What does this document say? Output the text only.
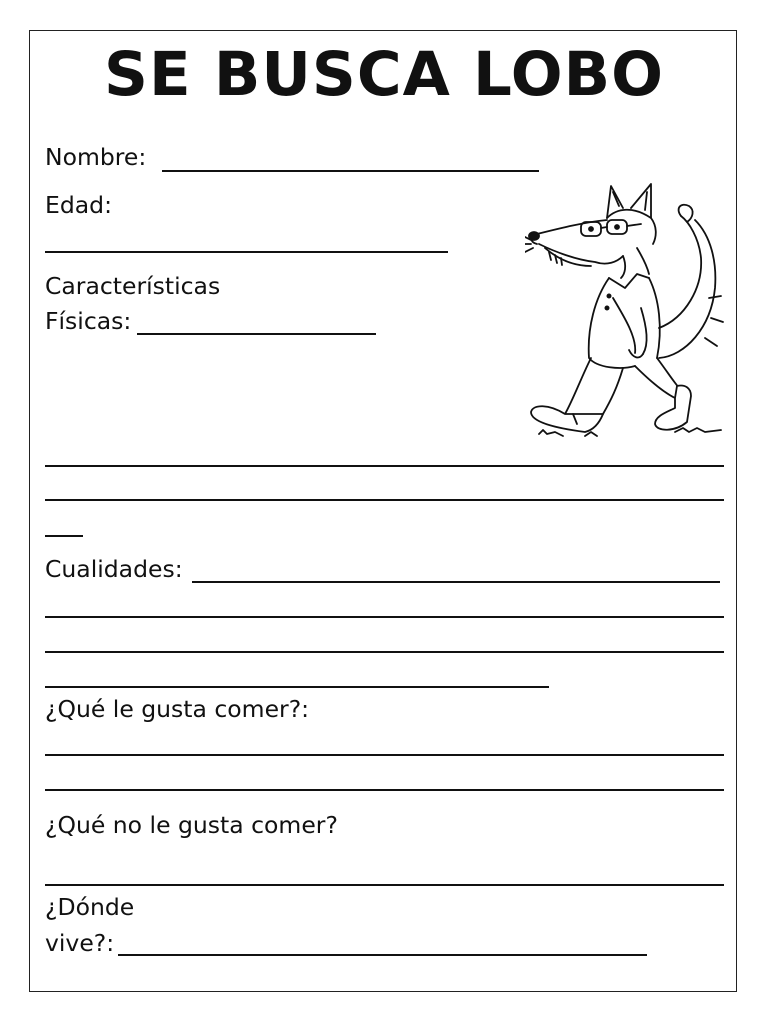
SE BUSCA LOBO
Nombre:
Edad:
Características
Físicas:
Cualidades:
¿Qué le gusta comer?:
¿Qué no le gusta comer?
¿Dónde
vive?:
